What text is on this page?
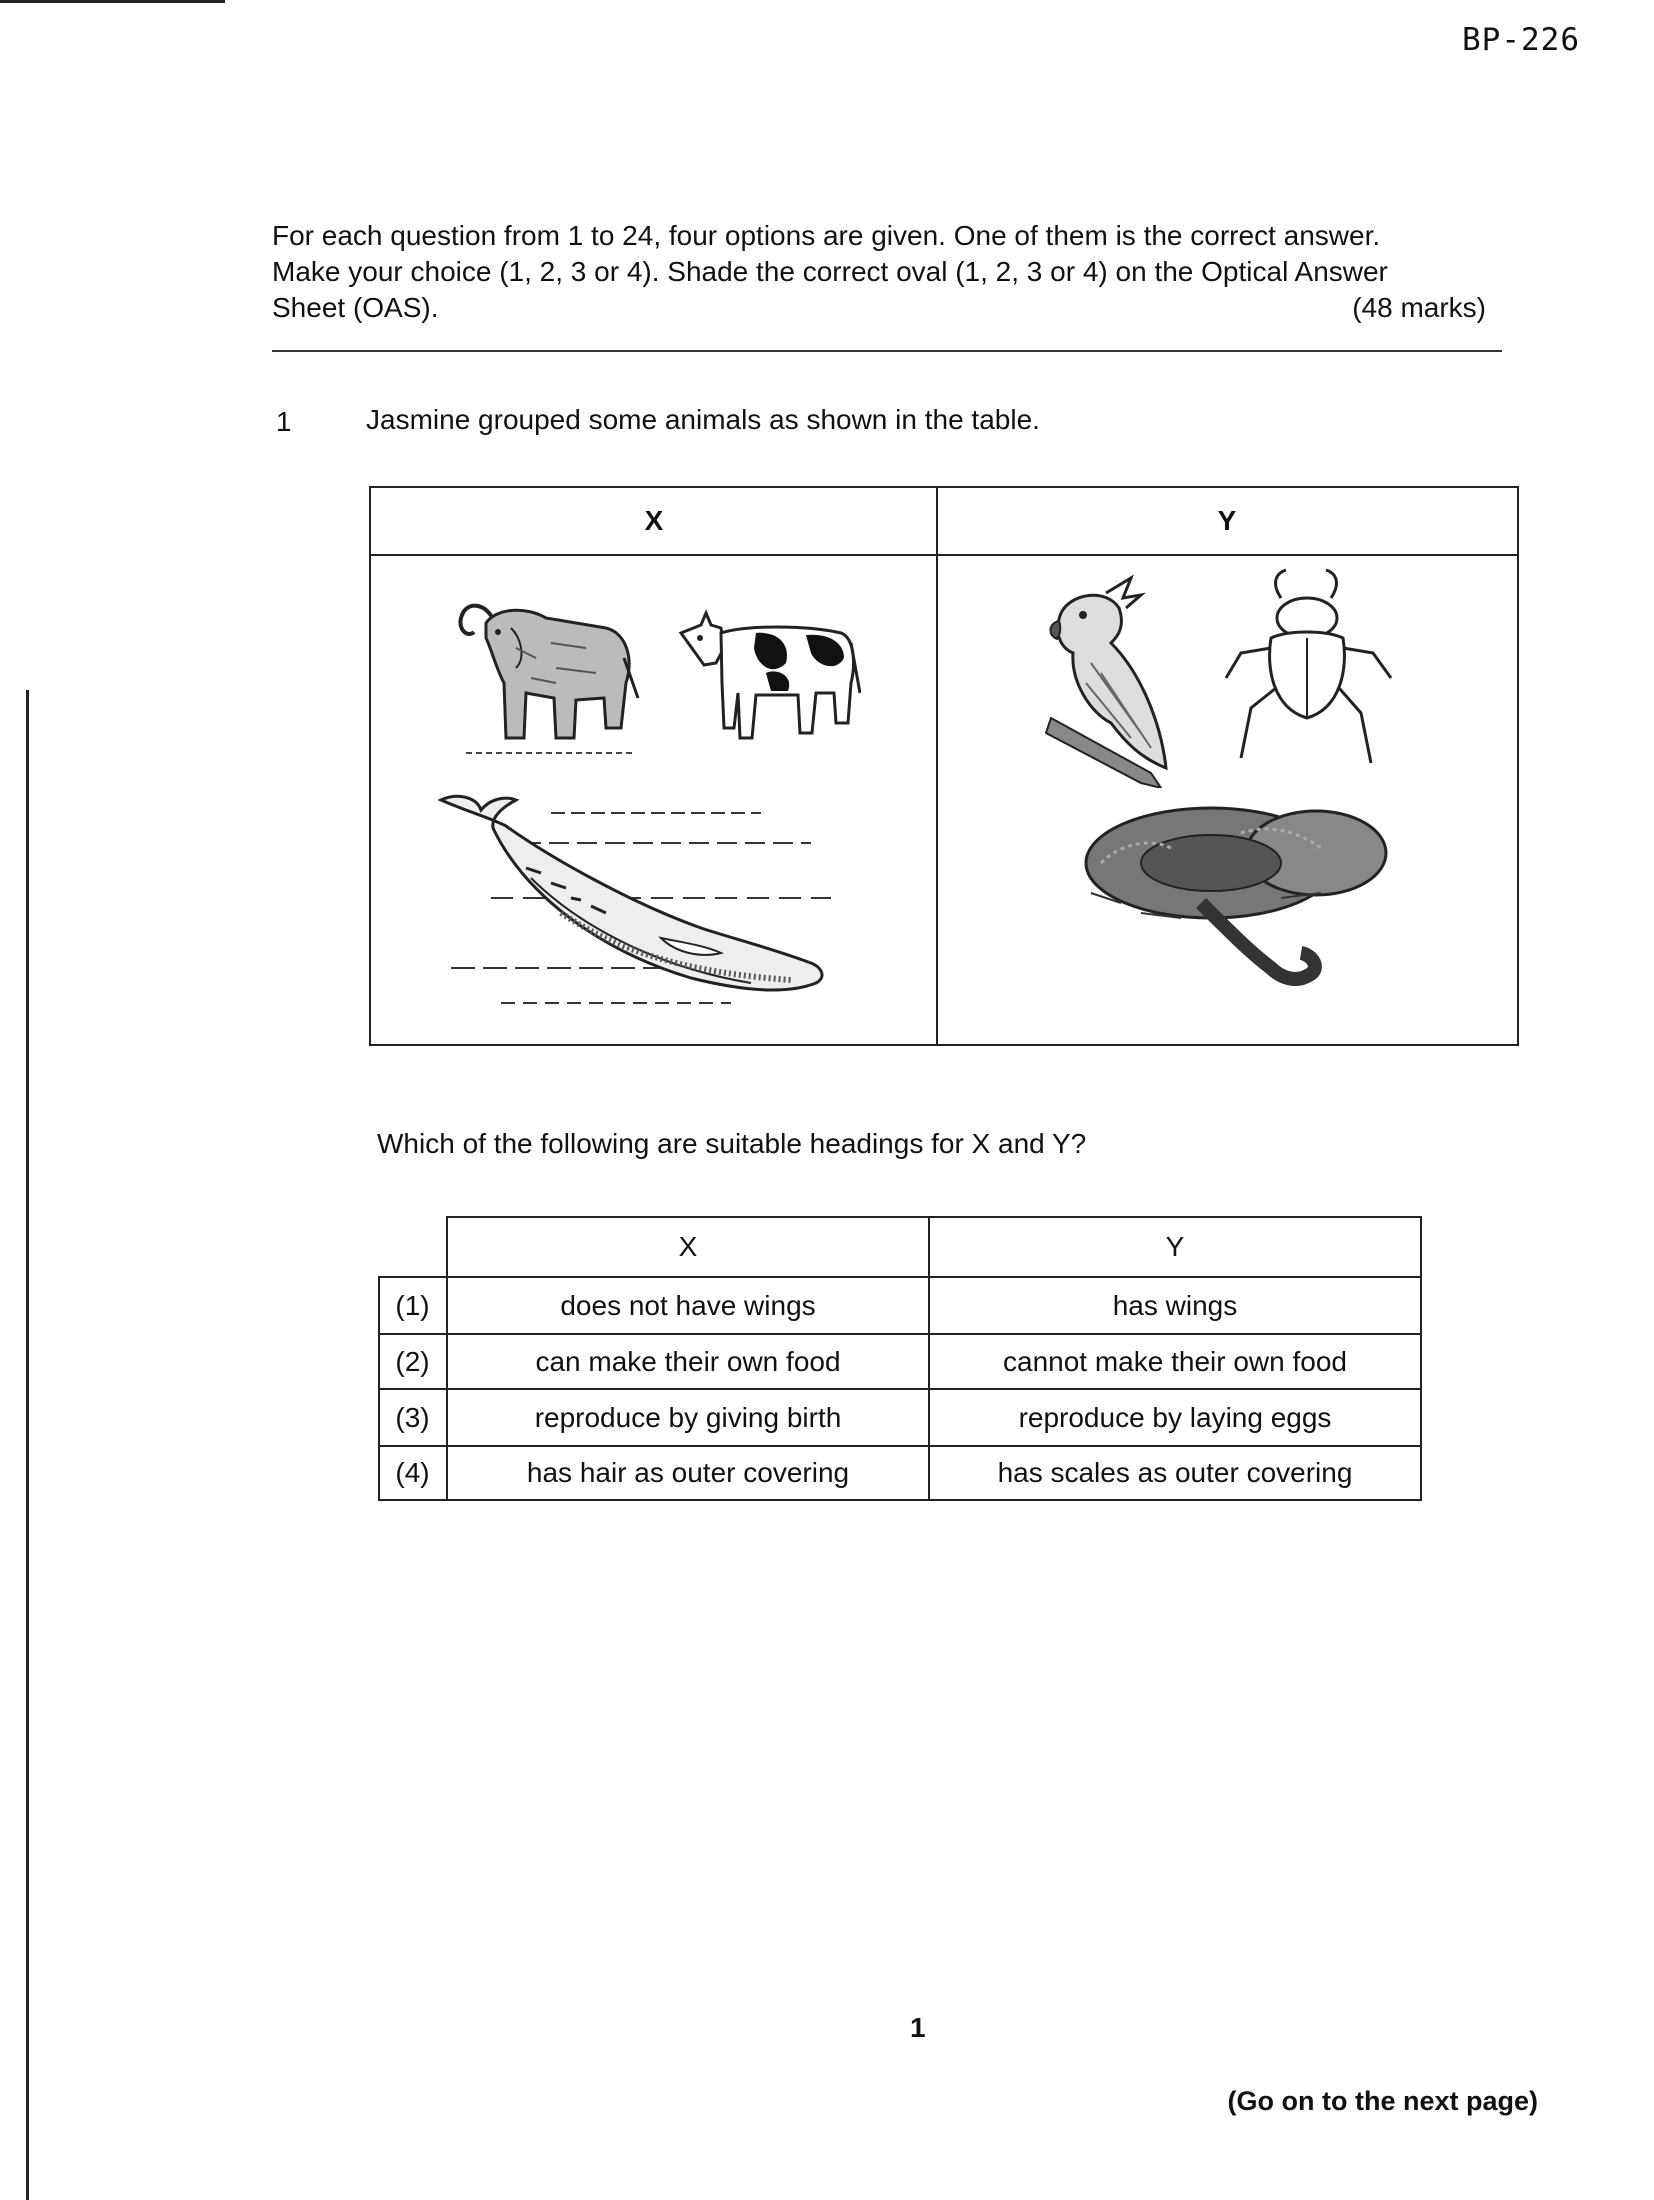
BP-226
For each question from 1 to 24, four options are given. One of them is the correct answer.
Make your choice (1, 2, 3 or 4). Shade the correct oval (1, 2, 3 or 4) on the Optical Answer
Sheet (OAS).	(48 marks)
1	Jasmine grouped some animals as shown in the table.
X	Y
Which of the following are suitable headings for X and Y?
X	Y
(1)	does not have wings	has wings
(2)	can make their own food	cannot make their own food
(3)	reproduce by giving birth	reproduce by laying eggs
(4)	has hair as outer covering	has scales as outer covering
1
(Go on to the next page)
